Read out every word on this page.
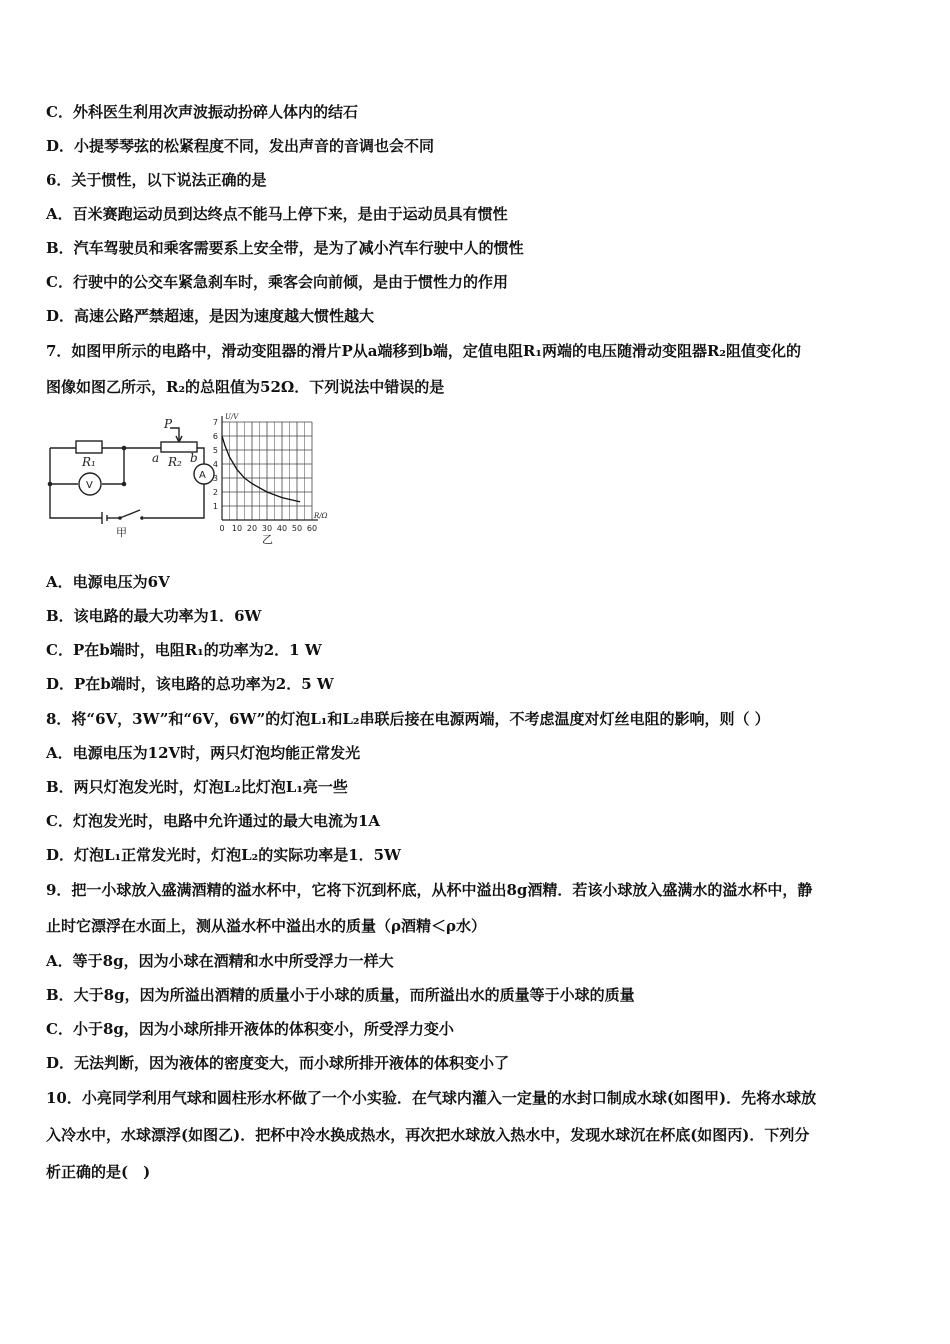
C．外科医生利用次声波振动扮碎人体内的结石
D．小提琴琴弦的松紧程度不同，发出声音的音调也会不同
6．关于惯性，以下说法正确的是
A．百米赛跑运动员到达终点不能马上停下来，是由于运动员具有惯性
B．汽车驾驶员和乘客需要系上安全带，是为了减小汽车行驶中人的惯性
C．行驶中的公交车紧急刹车时，乘客会向前倾，是由于惯性力的作用
D．高速公路严禁超速，是因为速度越大惯性越大
7．如图甲所示的电路中，滑动变阻器的滑片P从a端移到b端，定值电阻R₁两端的电压随滑动变阻器R₂阻值变化的
图像如图乙所示，R₂的总阻值为52Ω．下列说法中错误的是
R₁	R₂
P
a	b
A
V
甲	0 10 20 30 40 50 60
1
2
3
4
5
6
7
R/Ω
U/V
乙
A．电源电压为6V
B．该电路的最大功率为1．6W
C．P在b端时，电阻R₁的功率为2．1 W
D．P在b端时，该电路的总功率为2．5 W
8．将“6V，3W”和“6V，6W”的灯泡L₁和L₂串联后接在电源两端，不考虑温度对灯丝电阻的影响，则（ ）
A．电源电压为12V时，两只灯泡均能正常发光
B．两只灯泡发光时，灯泡L₂比灯泡L₁亮一些
C．灯泡发光时，电路中允许通过的最大电流为1A
D．灯泡L₁正常发光时，灯泡L₂的实际功率是1．5W
9．把一小球放入盛满酒精的溢水杯中，它将下沉到杯底，从杯中溢出8g酒精．若该小球放入盛满水的溢水杯中，静
止时它漂浮在水面上，测从溢水杯中溢出水的质量（ρ酒精＜ρ水）
A．等于8g，因为小球在酒精和水中所受浮力一样大
B．大于8g，因为所溢出酒精的质量小于小球的质量，而所溢出水的质量等于小球的质量
C．小于8g，因为小球所排开液体的体积变小，所受浮力变小
D．无法判断，因为液体的密度变大，而小球所排开液体的体积变小了
10．小亮同学利用气球和圆柱形水杯做了一个小实验．在气球内灌入一定量的水封口制成水球(如图甲)．先将水球放
入冷水中，水球漂浮(如图乙)．把杯中冷水换成热水，再次把水球放入热水中，发现水球沉在杯底(如图丙)．下列分
析正确的是(　)
